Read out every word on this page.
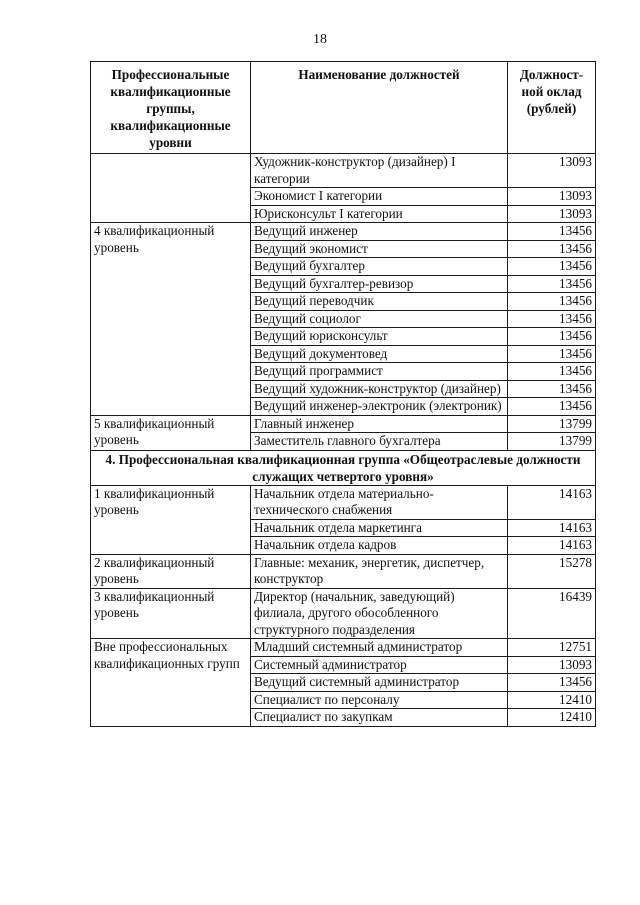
18
Профессиональные квалификационные группы, квалификационные уровни	Наименование должностей	Должност-ной оклад (рублей)
	Художник-конструктор (дизайнер) I категории	13093
	Экономист I категории	13093
	Юрисконсульт I категории	13093
4 квалификационный уровень	Ведущий инженер	13456
	Ведущий экономист	13456
	Ведущий бухгалтер	13456
	Ведущий бухгалтер-ревизор	13456
	Ведущий переводчик	13456
	Ведущий социолог	13456
	Ведущий юрисконсульт	13456
	Ведущий документовед	13456
	Ведущий программист	13456
	Ведущий художник-конструктор (дизайнер)	13456
	Ведущий инженер-электроник (электроник)	13456
5 квалификационный уровень	Главный инженер	13799
	Заместитель главного бухгалтера	13799
4. Профессиональная квалификационная группа «Общеотраслевые должности служащих четвертого уровня»		
1 квалификационный уровень	Начальник отдела материально-технического снабжения	14163
	Начальник отдела маркетинга	14163
	Начальник отдела кадров	14163
2 квалификационный уровень	Главные: механик, энергетик, диспетчер, конструктор	15278
3 квалификационный уровень	Директор (начальник, заведующий) филиала, другого обособленного структурного подразделения	16439
Вне профессиональных квалификационных групп	Младший системный администратор	12751
	Системный администратор	13093
	Ведущий системный администратор	13456
	Специалист по персоналу	12410
	Специалист по закупкам	12410
